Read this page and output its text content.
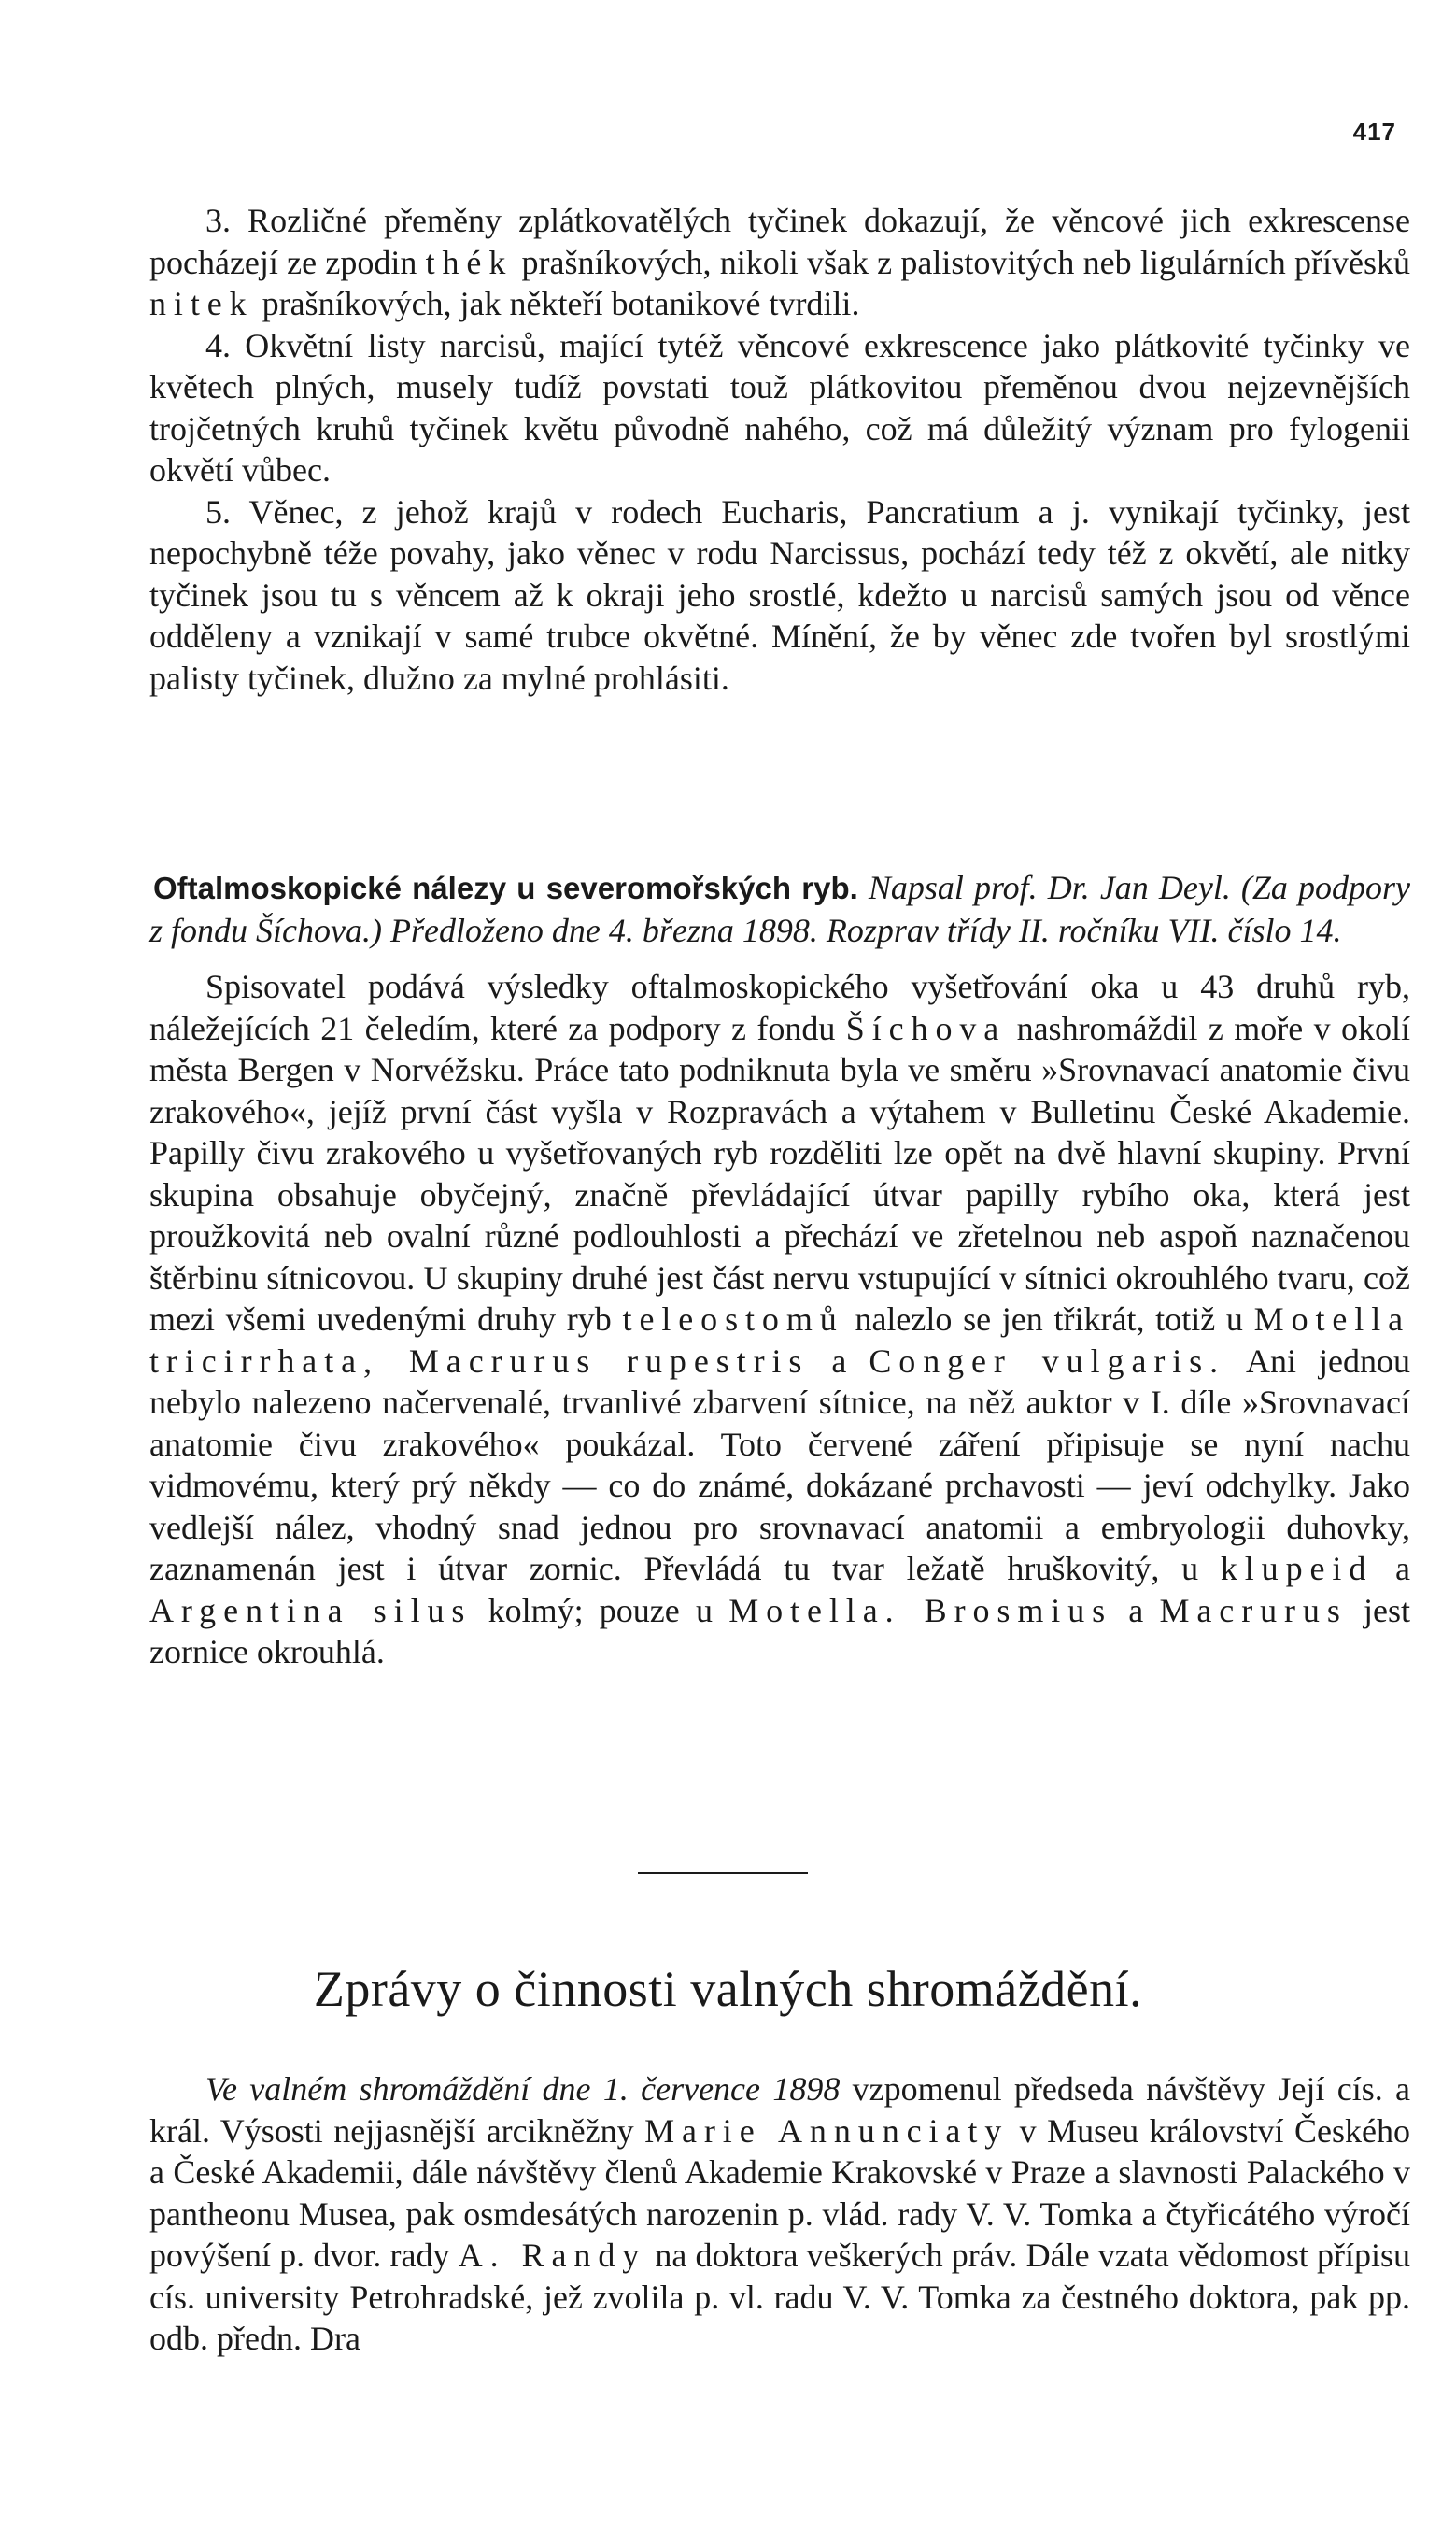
417

3. Rozličné přeměny zplátkovatělých tyčinek dokazují, že věncové jich exkrescense pocházejí ze zpodin thék prašníkových, nikoli však z palistovitých neb ligulárních přívěsků nitek prašníkových, jak někteří botanikové tvrdili.

4. Okvětní listy narcisů, mající tytéž věncové exkrescence jako plátkovité tyčinky ve květech plných, musely tudíž povstati touž plátkovitou přeměnou dvou nejzevnějších trojčetných kruhů tyčinek květu původně nahého, což má důležitý význam pro fylogenii okvětí vůbec.

5. Věnec, z jehož krajů v rodech Eucharis, Pancratium a j. vynikají tyčinky, jest nepochybně téže povahy, jako věnec v rodu Narcissus, pochází tedy též z okvětí, ale nitky tyčinek jsou tu s věncem až k okraji jeho srostlé, kdežto u narcisů samých jsou od věnce odděleny a vznikají v samé trubce okvětné. Mínění, že by věnec zde tvořen byl srostlými palisty tyčinek, dlužno za mylné prohlásiti.

Oftalmoskopické nálezy u severomořských ryb. Napsal prof. Dr. Jan Deyl. (Za podpory z fondu Šíchova.) Předloženo dne 4. března 1898. Rozprav třídy II. ročníku VII. číslo 14.

Spisovatel podává výsledky oftalmoskopického vyšetřování oka u 43 druhů ryb, náležejících 21 čeledím, které za podpory z fondu Šíchova nashromáždil z moře v okolí města Bergen v Norvéžsku. Práce tato podniknuta byla ve směru »Srovnavací anatomie čivu zrakového«, jejíž první část vyšla v Rozpravách a výtahem v Bulletinu České Akademie. Papilly čivu zrakového u vyšetřovaných ryb rozděliti lze opět na dvě hlavní skupiny. První skupina obsahuje obyčejný, značně převládající útvar papilly rybího oka, která jest proužkovitá neb ovalní různé podlouhlosti a přechází ve zřetelnou neb aspoň naznačenou štěrbinu sítnicovou. U skupiny druhé jest část nervu vstupující v sítnici okrouhlého tvaru, což mezi všemi uvedenými druhy ryb teleostomů nalezlo se jen třikrát, totiž u Motella tricirrhata, Macrurus rupestris a Conger vulgaris. Ani jednou nebylo nalezeno načervenalé, trvanlivé zbarvení sítnice, na něž auktor v I. díle »Srovnavací anatomie čivu zrakového« poukázal. Toto červené záření připisuje se nyní nachu vidmovému, který prý někdy — co do známé, dokázané prchavosti — jeví odchylky. Jako vedlejší nález, vhodný snad jednou pro srovnavací anatomii a embryologii duhovky, zaznamenán jest i útvar zornic. Převládá tu tvar ležatě hruškovitý, u klupeid a Argentina silus kolmý; pouze u Motella. Brosmius a Macrurus jest zornice okrouhlá.

Zprávy o činnosti valných shromáždění.

Ve valném shromáždění dne 1. července 1898 vzpomenul předseda návštěvy Její cís. a král. Výsosti nejjasnější arcikněžny Marie Annunciaty v Museu království Českého a České Akademii, dále návštěvy členů Akademie Krakovské v Praze a slavnosti Palackého v pantheonu Musea, pak osmdesátých narozenin p. vlád. rady V. V. Tomka a čtyřicátého výročí povýšení p. dvor. rady A. Randy na doktora veškerých práv. Dále vzata vědomost přípisu cís. university Petrohradské, jež zvolila p. vl. radu V. V. Tomka za čestného doktora, pak pp. odb. předn. Dra
